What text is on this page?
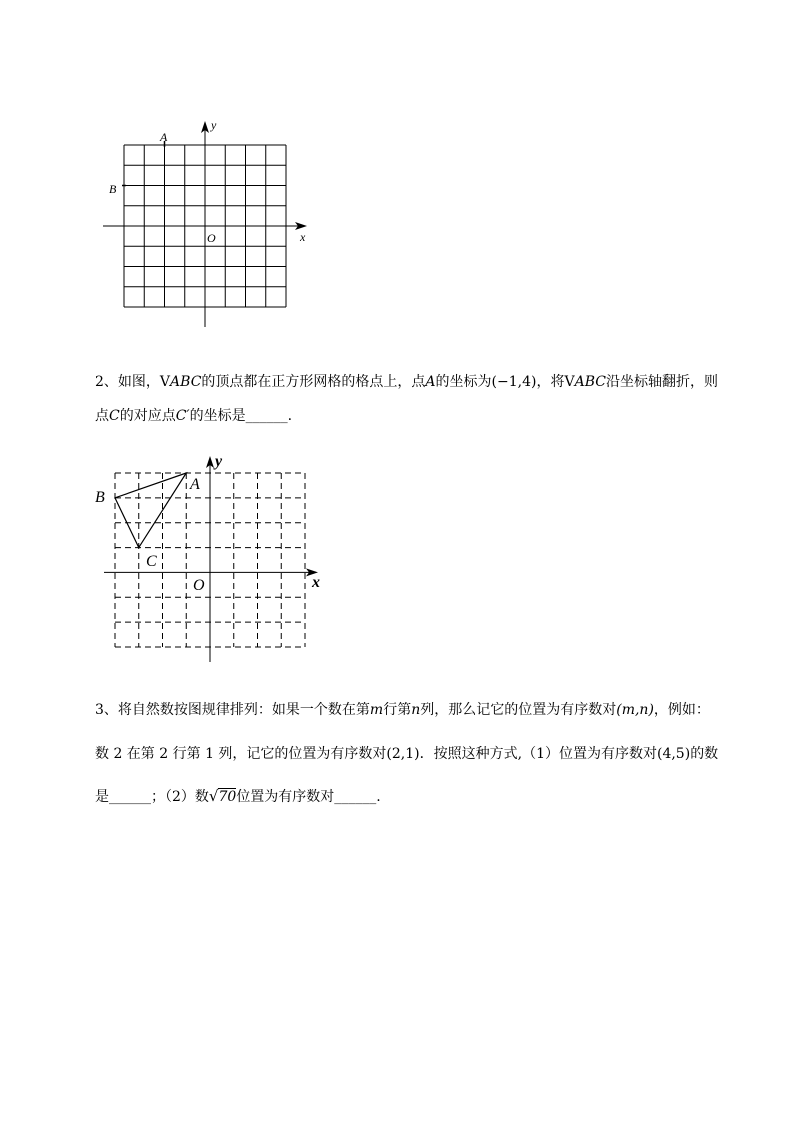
A
B
O	x
y
2、如图，VABC的顶点都在正方形网格的格点上，点A的坐标为(−1,4)，将VABC沿坐标轴翻折，则
点C的对应点C′的坐标是______.
A
B
C
O	x
y
3、将自然数按图规律排列：如果一个数在第m行第n列，那么记它的位置为有序数对(m,n)，例如：
数 2 在第 2 行第 1 列，记它的位置为有序数对(2,1)．按照这种方式,（1）位置为有序数对(4,5)的数
是______；（2）数√70位置为有序数对______.
